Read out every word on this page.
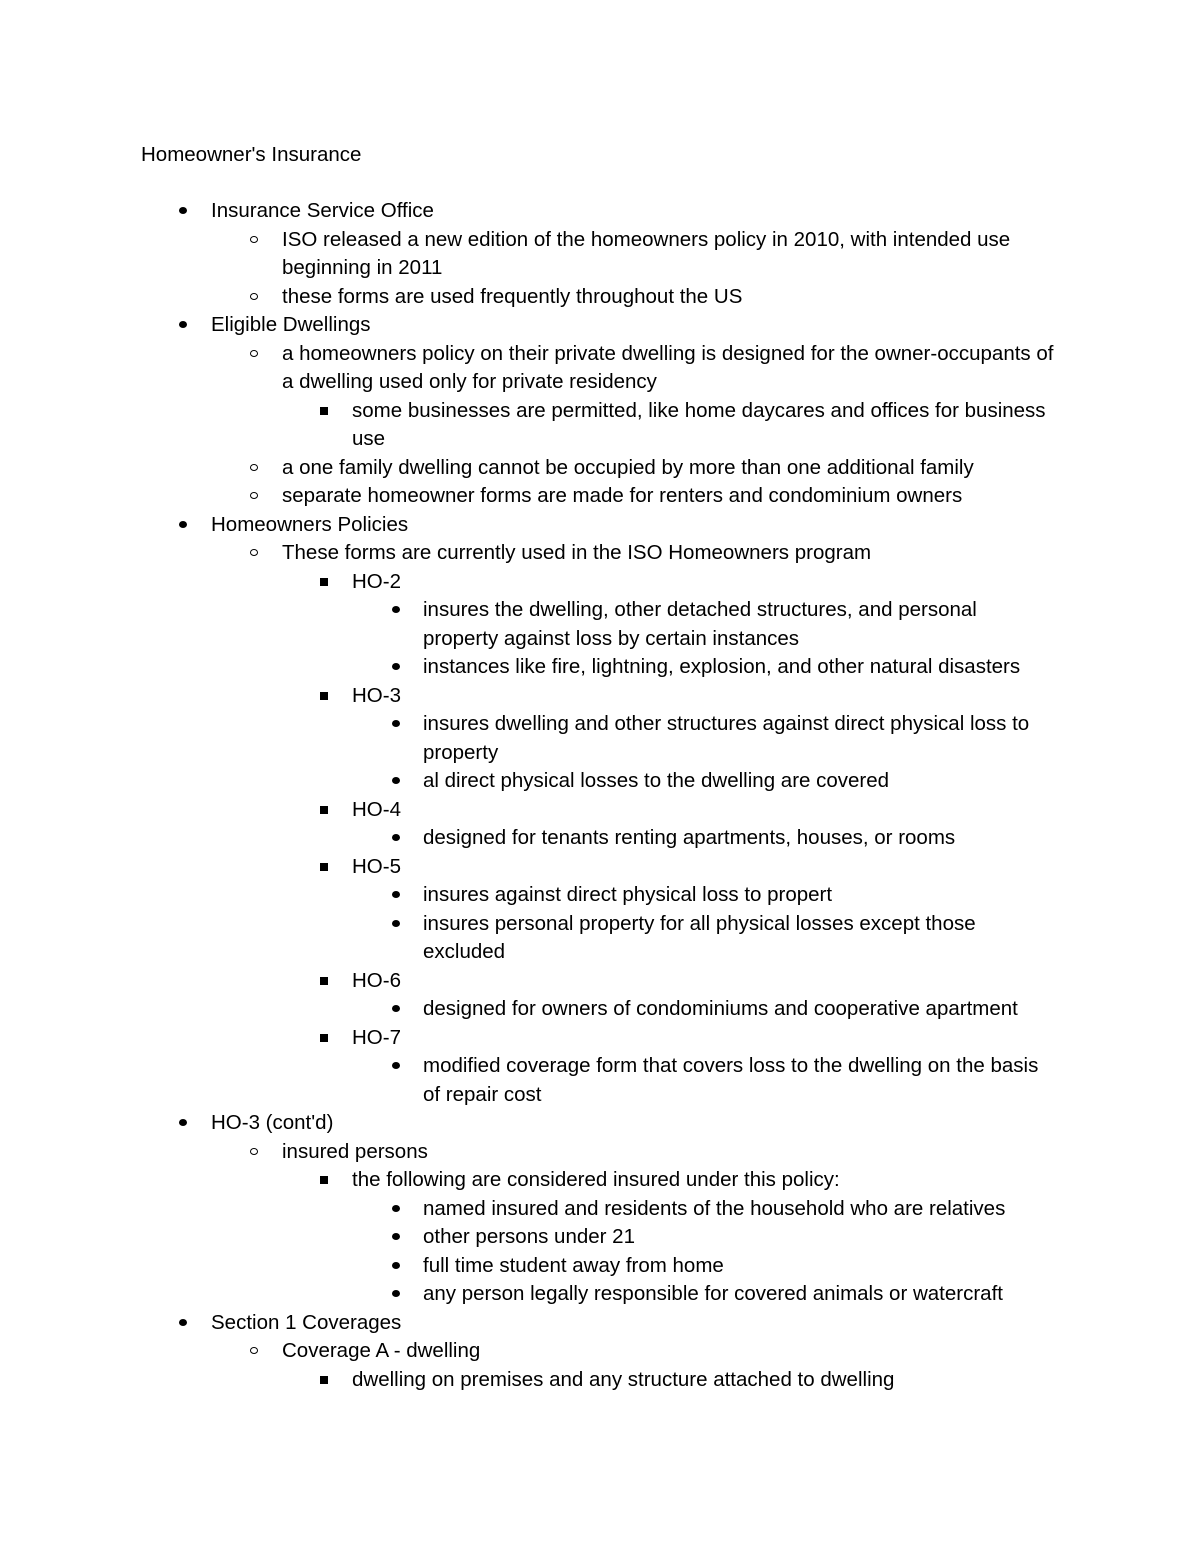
Homeowner's Insurance
Insurance Service Office
ISO released a new edition of the homeowners policy in 2010, with intended use beginning in 2011
these forms are used frequently throughout the US
Eligible Dwellings
a homeowners policy on their private dwelling is designed for the owner-occupants of a dwelling used only for private residency
some businesses are permitted, like home daycares and offices for business use
a one family dwelling cannot be occupied by more than one additional family
separate homeowner forms are made for renters and condominium owners
Homeowners Policies
These forms are currently used in the ISO Homeowners program
HO-2
insures the dwelling, other detached structures, and personal property against loss by certain instances
instances like fire, lightning, explosion, and other natural disasters
HO-3
insures dwelling and other structures against direct physical loss to property
al direct physical losses to the dwelling are covered
HO-4
designed for tenants renting apartments, houses, or rooms
HO-5
insures against direct physical loss to propert
insures personal property for all physical losses except those excluded
HO-6
designed for owners of condominiums and cooperative apartment
HO-7
modified coverage form that covers loss to the dwelling on the basis of repair cost
HO-3 (cont'd)
insured persons
the following are considered insured under this policy:
named insured and residents of the household who are relatives
other persons under 21
full time student away from home
any person legally responsible for covered animals or watercraft
Section 1 Coverages
Coverage A - dwelling
dwelling on premises and any structure attached to dwelling
